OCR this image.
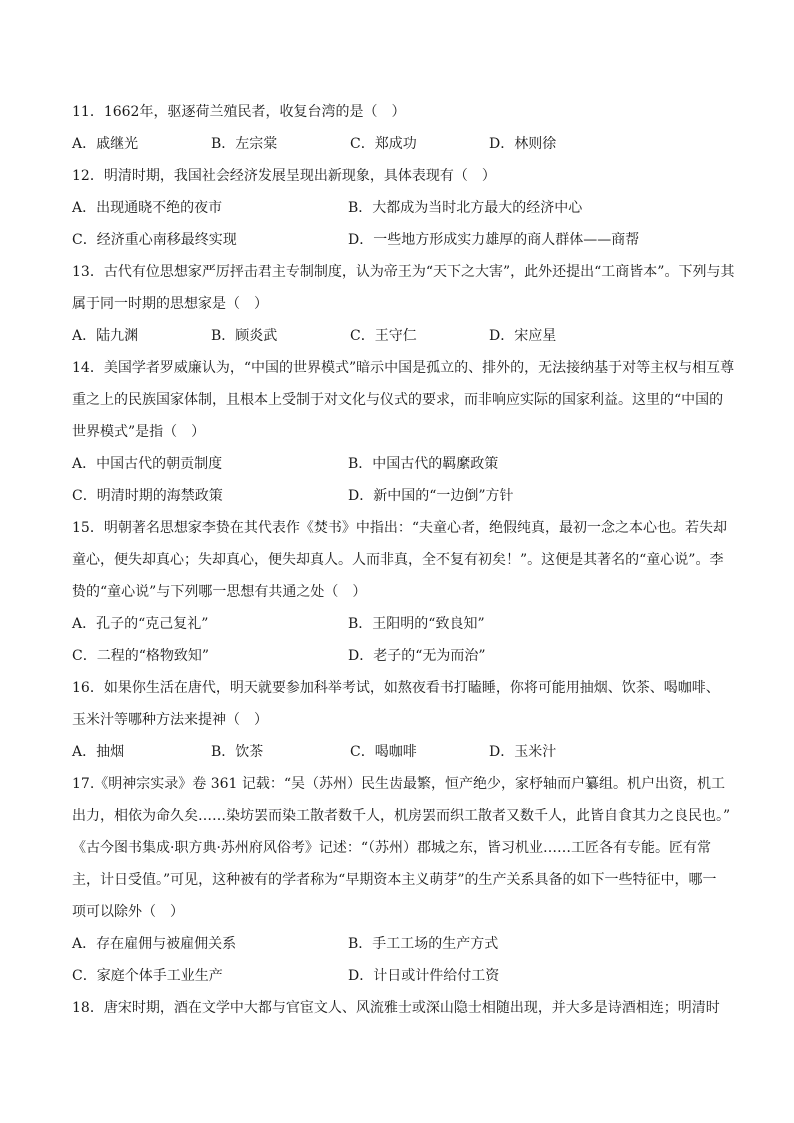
11．1662年，驱逐荷兰殖民者，收复台湾的是（　）
A．戚继光	B．左宗棠	C．郑成功	D．林则徐
12．明清时期，我国社会经济发展呈现出新现象，具体表现有（　）
A．出现通晓不绝的夜市	B．大都成为当时北方最大的经济中心
C．经济重心南移最终实现	D．一些地方形成实力雄厚的商人群体——商帮
13．古代有位思想家严厉抨击君主专制制度，认为帝王为“天下之大害”，此外还提出“工商皆本”。下列与其
属于同一时期的思想家是（　）
A．陆九渊	B．顾炎武	C．王守仁	D．宋应星
14．美国学者罗威廉认为，“中国的世界模式”暗示中国是孤立的、排外的，无法接纳基于对等主权与相互尊
重之上的民族国家体制，且根本上受制于对文化与仪式的要求，而非响应实际的国家利益。这里的“中国的
世界模式”是指（　）
A．中国古代的朝贡制度	B．中国古代的羁縻政策
C．明清时期的海禁政策	D．新中国的“一边倒”方针
15．明朝著名思想家李贽在其代表作《焚书》中指出：“夫童心者，绝假纯真，最初一念之本心也。若失却
童心，便失却真心；失却真心，便失却真人。人而非真，全不复有初矣！”。这便是其著名的“童心说”。李
贽的“童心说”与下列哪一思想有共通之处（　）
A．孔子的“克己复礼”	B．王阳明的“致良知”
C．二程的“格物致知”	D．老子的“无为而治”
16．如果你生活在唐代，明天就要参加科举考试，如熬夜看书打瞌睡，你将可能用抽烟、饮茶、喝咖啡、
玉米汁等哪种方法来提神（　）
A．抽烟	B．饮茶	C．喝咖啡	D．玉米汁
17.《明神宗实录》卷 361 记载：“吴（苏州）民生齿最繁，恒产绝少，家杼轴而户纂组。机户出资，机工
出力，相依为命久矣……染坊罢而染工散者数千人，机房罢而织工散者又数千人，此皆自食其力之良民也。”
《古今图书集成·职方典·苏州府风俗考》记述：“（苏州）郡城之东，皆习机业……工匠各有专能。匠有常
主，计日受值。”可见，这种被有的学者称为“早期资本主义萌芽”的生产关系具备的如下一些特征中，哪一
项可以除外（　）
A．存在雇佣与被雇佣关系	B．手工工场的生产方式
C．家庭个体手工业生产	D．计日或计件给付工资
18．唐宋时期，酒在文学中大都与官宦文人、风流雅士或深山隐士相随出现，并大多是诗酒相连；明清时
